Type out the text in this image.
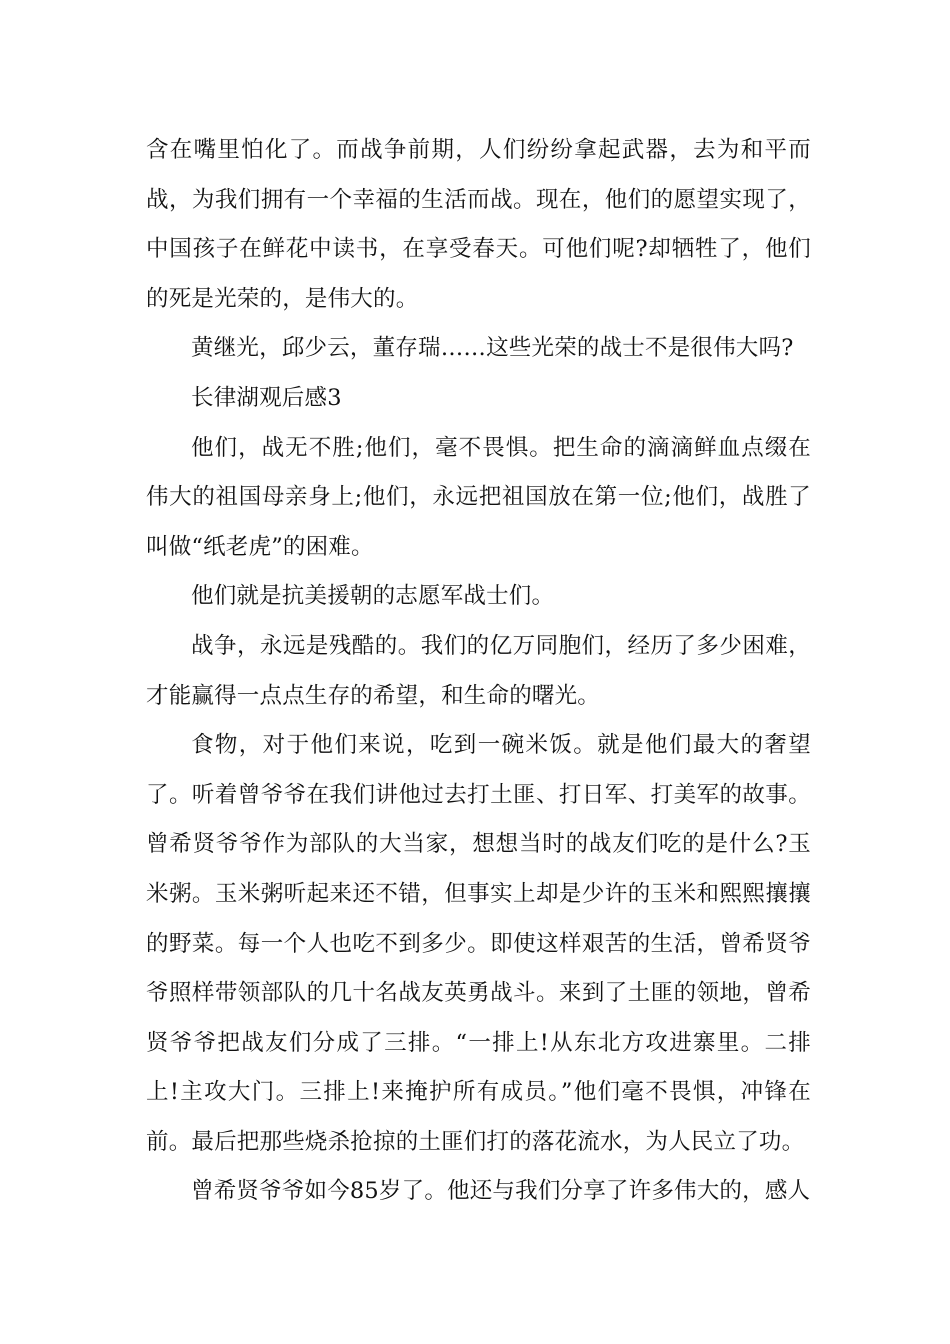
含在嘴里怕化了。而战争前期，人们纷纷拿起武器，去为和平而战，为我们拥有一个幸福的生活而战。现在，他们的愿望实现了，中国孩子在鲜花中读书，在享受春天。可他们呢?却牺牲了，他们的死是光荣的，是伟大的。

黄继光，邱少云，董存瑞……这些光荣的战士不是很伟大吗?

长律湖观后感3

他们，战无不胜;他们，毫不畏惧。把生命的滴滴鲜血点缀在伟大的祖国母亲身上;他们，永远把祖国放在第一位;他们，战胜了叫做“纸老虎”的困难。

他们就是抗美援朝的志愿军战士们。

战争，永远是残酷的。我们的亿万同胞们，经历了多少困难，才能赢得一点点生存的希望，和生命的曙光。

食物，对于他们来说，吃到一碗米饭。就是他们最大的奢望了。听着曾爷爷在我们讲他过去打土匪、打日军、打美军的故事。曾希贤爷爷作为部队的大当家，想想当时的战友们吃的是什么?玉米粥。玉米粥听起来还不错，但事实上却是少许的玉米和熙熙攘攘的野菜。每一个人也吃不到多少。即使这样艰苦的生活，曾希贤爷爷照样带领部队的几十名战友英勇战斗。来到了土匪的领地，曾希贤爷爷把战友们分成了三排。“一排上!从东北方攻进寨里。二排上!主攻大门。三排上!来掩护所有成员。”他们毫不畏惧，冲锋在前。最后把那些烧杀抢掠的土匪们打的落花流水，为人民立了功。

曾希贤爷爷如今85岁了。他还与我们分享了许多伟大的，感人
